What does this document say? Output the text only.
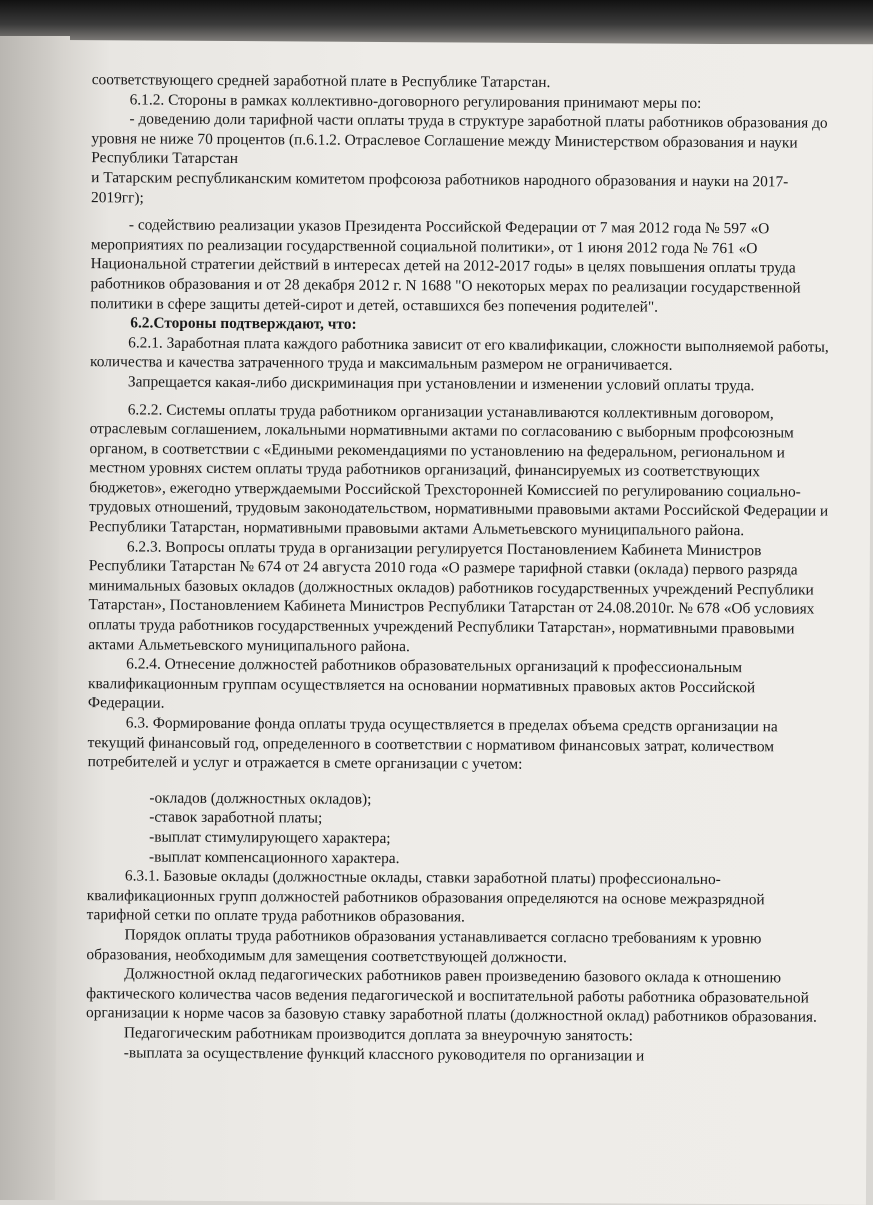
соответствующего средней заработной плате в Республике Татарстан.

6.1.2. Стороны в рамках коллективно-договорного регулирования принимают меры по:

- доведению доли тарифной части оплаты труда в структуре заработной платы работников образования до уровня не ниже 70 процентов (п.6.1.2. Отраслевое Соглашение между Министерством образования и науки Республики Татарстан

и Татарским республиканским комитетом профсоюза работников народного образования и науки на 2017-2019гг);

- содействию реализации указов Президента Российской Федерации от 7 мая 2012 года № 597 «О мероприятиях по реализации государственной социальной политики», от 1 июня 2012 года № 761 «О Национальной стратегии действий в интересах детей на 2012-2017 годы» в целях повышения оплаты труда работников образования и от 28 декабря 2012 г. N 1688 "О некоторых мерах по реализации государственной политики в сфере защиты детей-сирот и детей, оставшихся без попечения родителей".

6.2.Стороны подтверждают, что:

6.2.1. Заработная плата каждого работника зависит от его квалификации, сложности выполняемой работы, количества и качества затраченного труда и максимальным размером не ограничивается.

Запрещается какая-либо дискриминация при установлении и изменении условий оплаты труда.

6.2.2. Системы оплаты труда работником организации устанавливаются коллективным договором, отраслевым соглашением, локальными нормативными актами по согласованию с выборным профсоюзным органом, в соответствии с «Едиными рекомендациями по установлению на федеральном, региональном и местном уровнях систем оплаты труда работников организаций, финансируемых из соответствующих бюджетов», ежегодно утверждаемыми Российской Трехсторонней Комиссией по регулированию социально-трудовых отношений, трудовым законодательством, нормативными правовыми актами Российской Федерации и Республики Татарстан, нормативными правовыми актами Альметьевского муниципального района.

6.2.3. Вопросы оплаты труда в организации регулируется Постановлением Кабинета Министров Республики Татарстан № 674 от 24 августа 2010 года «О размере тарифной ставки (оклада) первого разряда минимальных базовых окладов (должностных окладов) работников государственных учреждений Республики Татарстан», Постановлением Кабинета Министров Республики Татарстан от 24.08.2010г. № 678 «Об условиях оплаты труда работников государственных учреждений Республики Татарстан», нормативными правовыми актами Альметьевского муниципального района.

6.2.4. Отнесение должностей работников образовательных организаций к профессиональным квалификационным группам осуществляется на основании нормативных правовых актов Российской Федерации.

6.3. Формирование фонда оплаты труда осуществляется в пределах объема средств организации на текущий финансовый год, определенного в соответствии с нормативом финансовых затрат, количеством потребителей и услуг и отражается в смете организации с учетом:

-окладов (должностных окладов);

-ставок заработной платы;

-выплат стимулирующего характера;

-выплат компенсационного характера.

6.3.1. Базовые оклады (должностные оклады, ставки заработной платы) профессионально-квалификационных групп должностей работников образования определяются на основе межразрядной тарифной сетки по оплате труда работников образования.

Порядок оплаты труда работников образования устанавливается согласно требованиям к уровню образования, необходимым для замещения соответствующей должности.

Должностной оклад педагогических работников равен произведению базового оклада к отношению фактического количества часов ведения педагогической и воспитательной работы работника образовательной организации к норме часов за базовую ставку заработной платы (должностной оклад) работников образования.

Педагогическим работникам производится доплата за внеурочную занятость:

-выплата за осуществление функций классного руководителя по организации и
